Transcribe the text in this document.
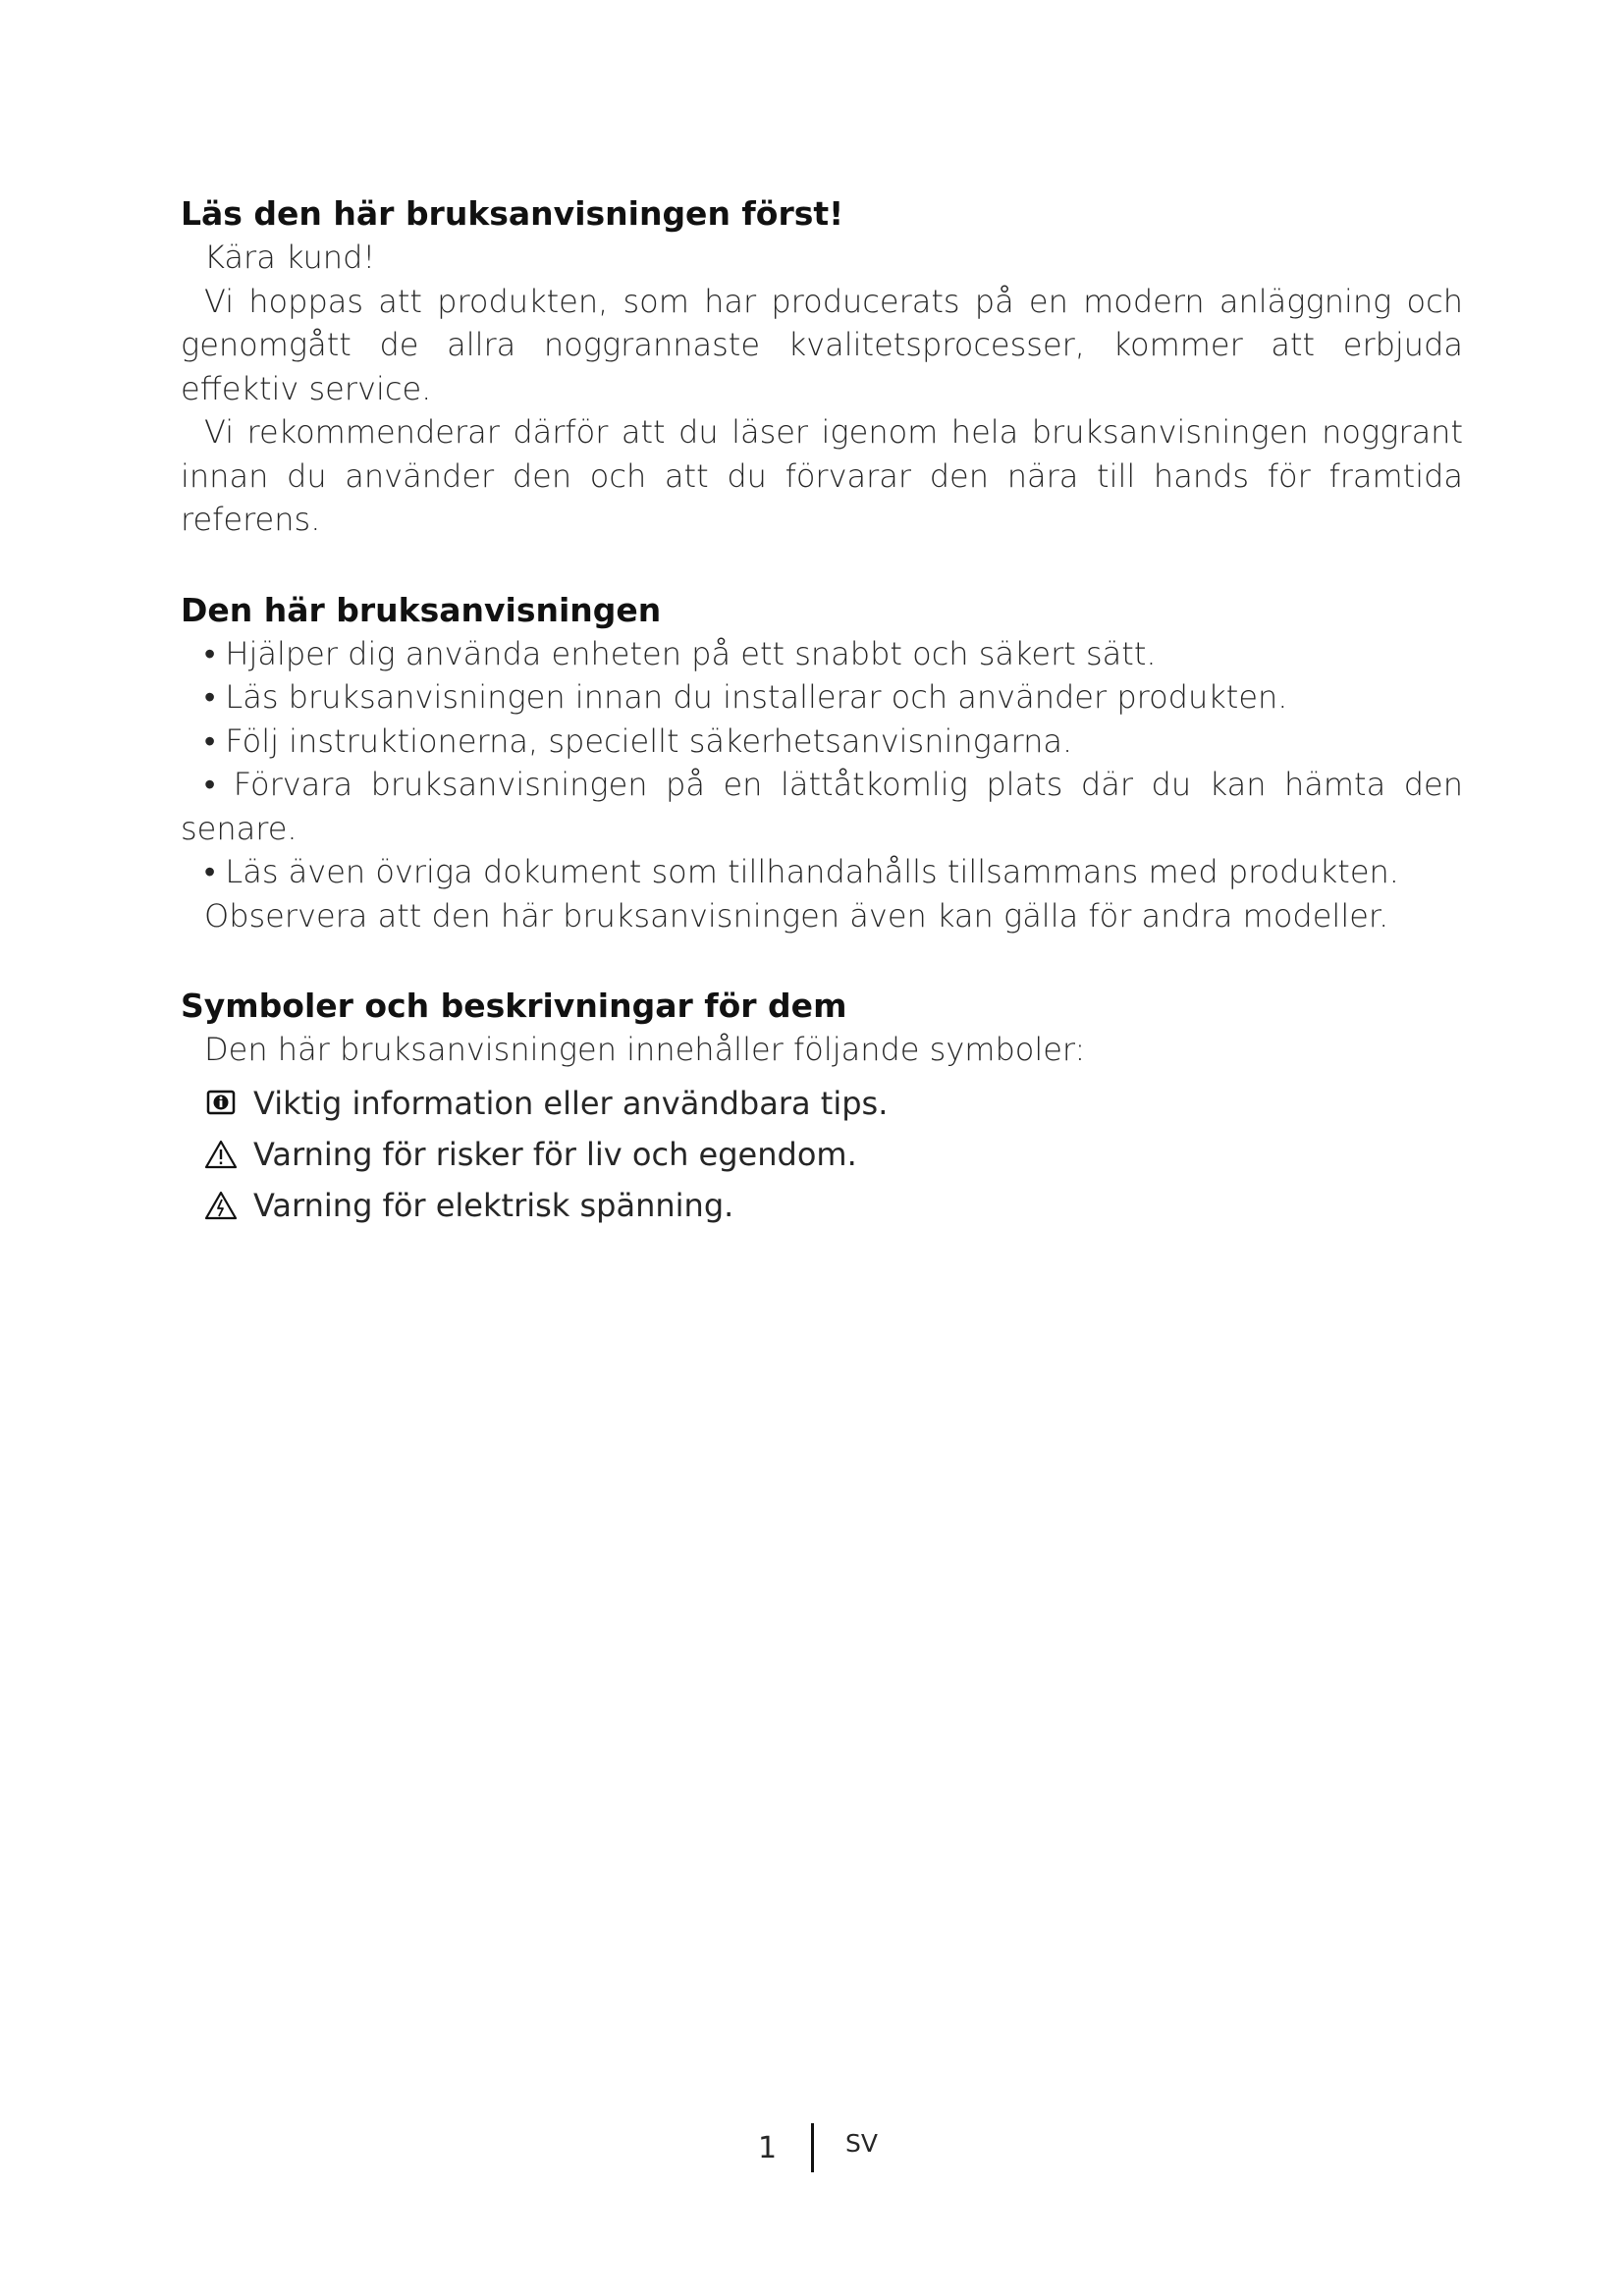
Läs den här bruksanvisningen först!
Kära kund!
Vi hoppas att produkten, som har producerats på en modern anläggning och genomgått de allra noggrannaste kvalitetsprocesser, kommer att erbjuda effektiv service.
Vi rekommenderar därför att du läser igenom hela bruksanvisningen noggrant innan du använder den och att du förvarar den nära till hands för framtida referens.
Den här bruksanvisningen
• Hjälper dig använda enheten på ett snabbt och säkert sätt.
• Läs bruksanvisningen innan du installerar och använder produkten.
• Följ instruktionerna, speciellt säkerhetsanvisningarna.
• Förvara bruksanvisningen på en lättåtkomlig plats där du kan hämta den senare.
• Läs även övriga dokument som tillhandahålls tillsammans med produkten.
Observera att den här bruksanvisningen även kan gälla för andra modeller.
Symboler och beskrivningar för dem
Den här bruksanvisningen innehåller följande symboler:
Viktig information eller användbara tips.
Varning för risker för liv och egendom.
Varning för elektrisk spänning.
1	SV
